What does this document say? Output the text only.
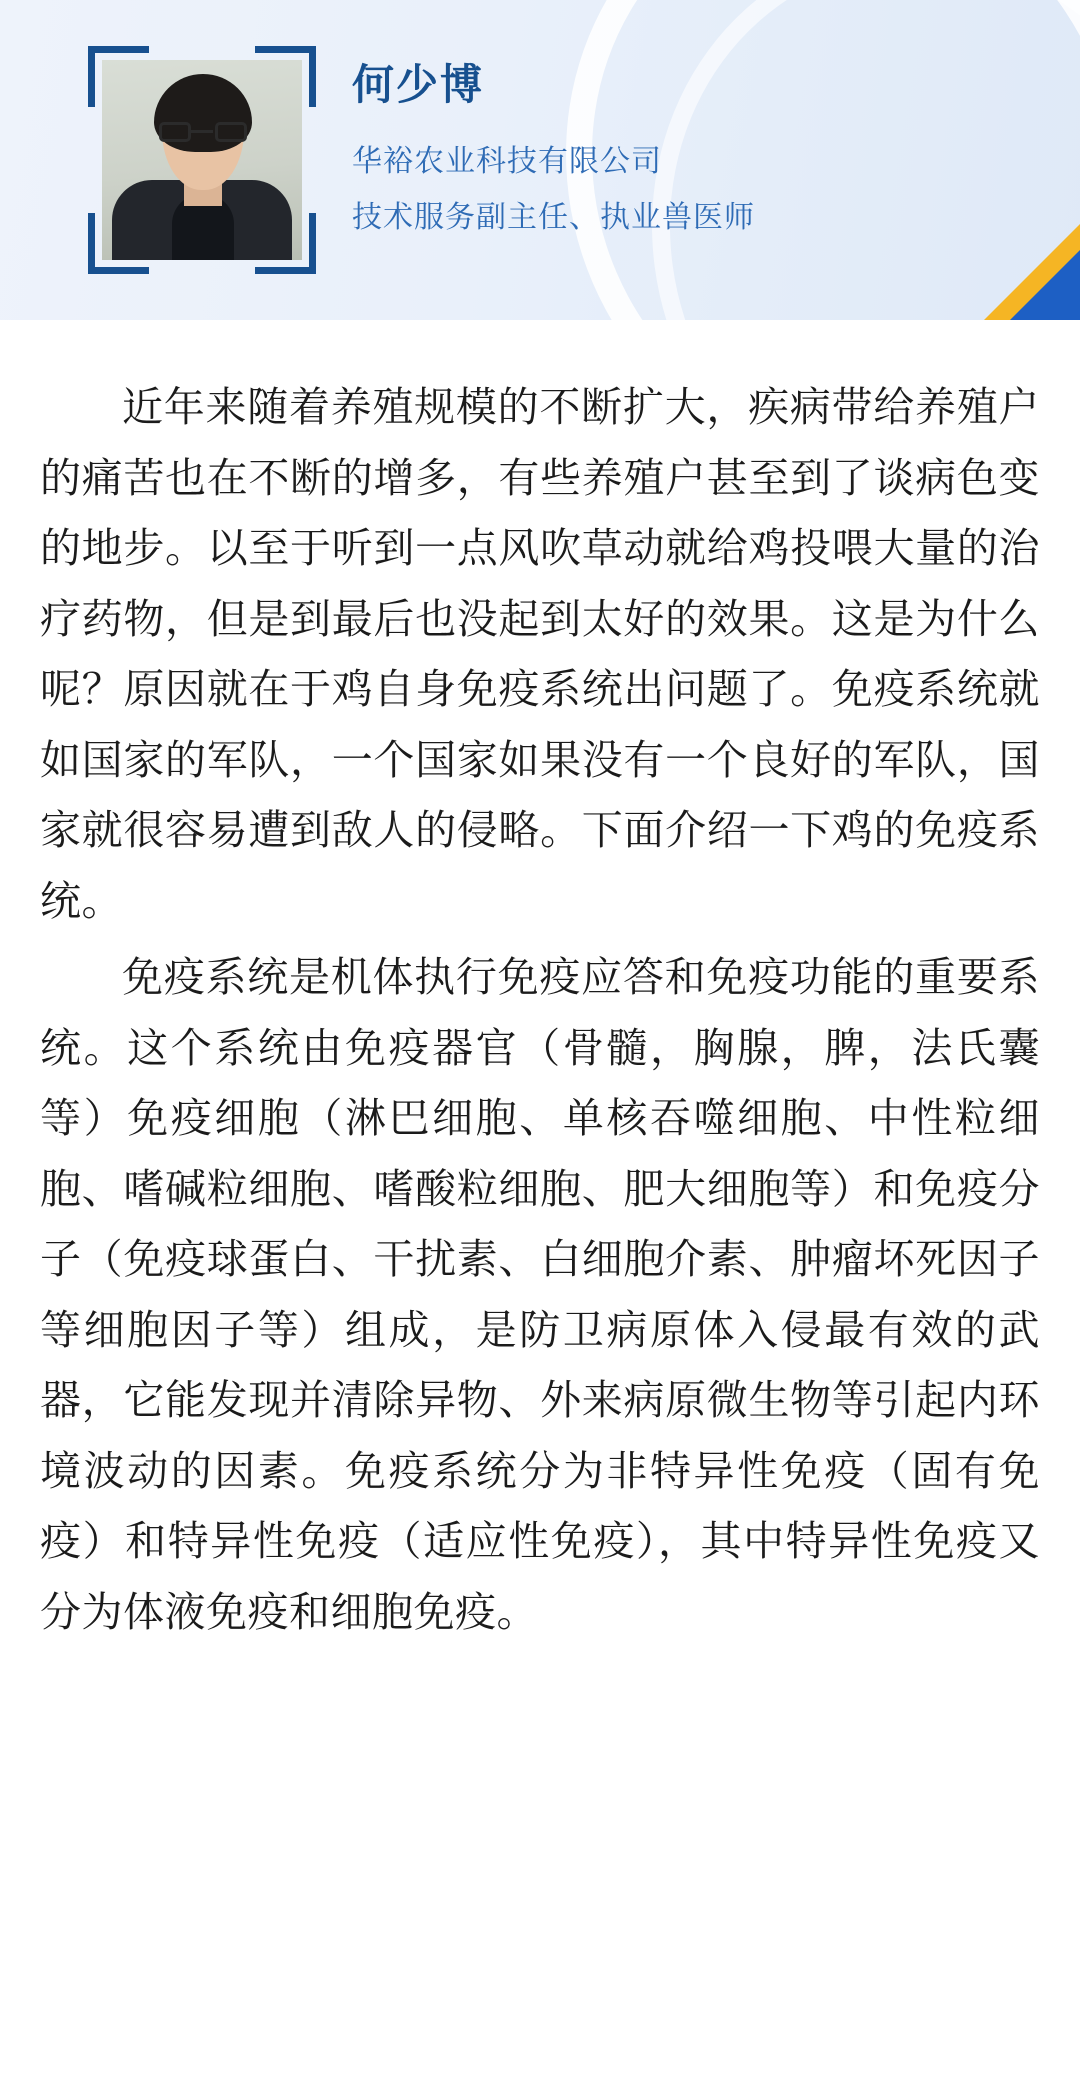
何少博
华裕农业科技有限公司
技术服务副主任、执业兽医师

近年来随着养殖规模的不断扩大，疾病带给养殖户的痛苦也在不断的增多，有些养殖户甚至到了谈病色变的地步。以至于听到一点风吹草动就给鸡投喂大量的治疗药物，但是到最后也没起到太好的效果。这是为什么呢？原因就在于鸡自身免疫系统出问题了。免疫系统就如国家的军队，一个国家如果没有一个良好的军队，国家就很容易遭到敌人的侵略。下面介绍一下鸡的免疫系统。

免疫系统是机体执行免疫应答和免疫功能的重要系统。这个系统由免疫器官（骨髓，胸腺，脾，法氏囊等）免疫细胞（淋巴细胞、单核吞噬细胞、中性粒细胞、嗜碱粒细胞、嗜酸粒细胞、肥大细胞等）和免疫分子（免疫球蛋白、干扰素、白细胞介素、肿瘤坏死因子等细胞因子等）组成，是防卫病原体入侵最有效的武器，它能发现并清除异物、外来病原微生物等引起内环境波动的因素。免疫系统分为非特异性免疫（固有免疫）和特异性免疫（适应性免疫），其中特异性免疫又分为体液免疫和细胞免疫。
